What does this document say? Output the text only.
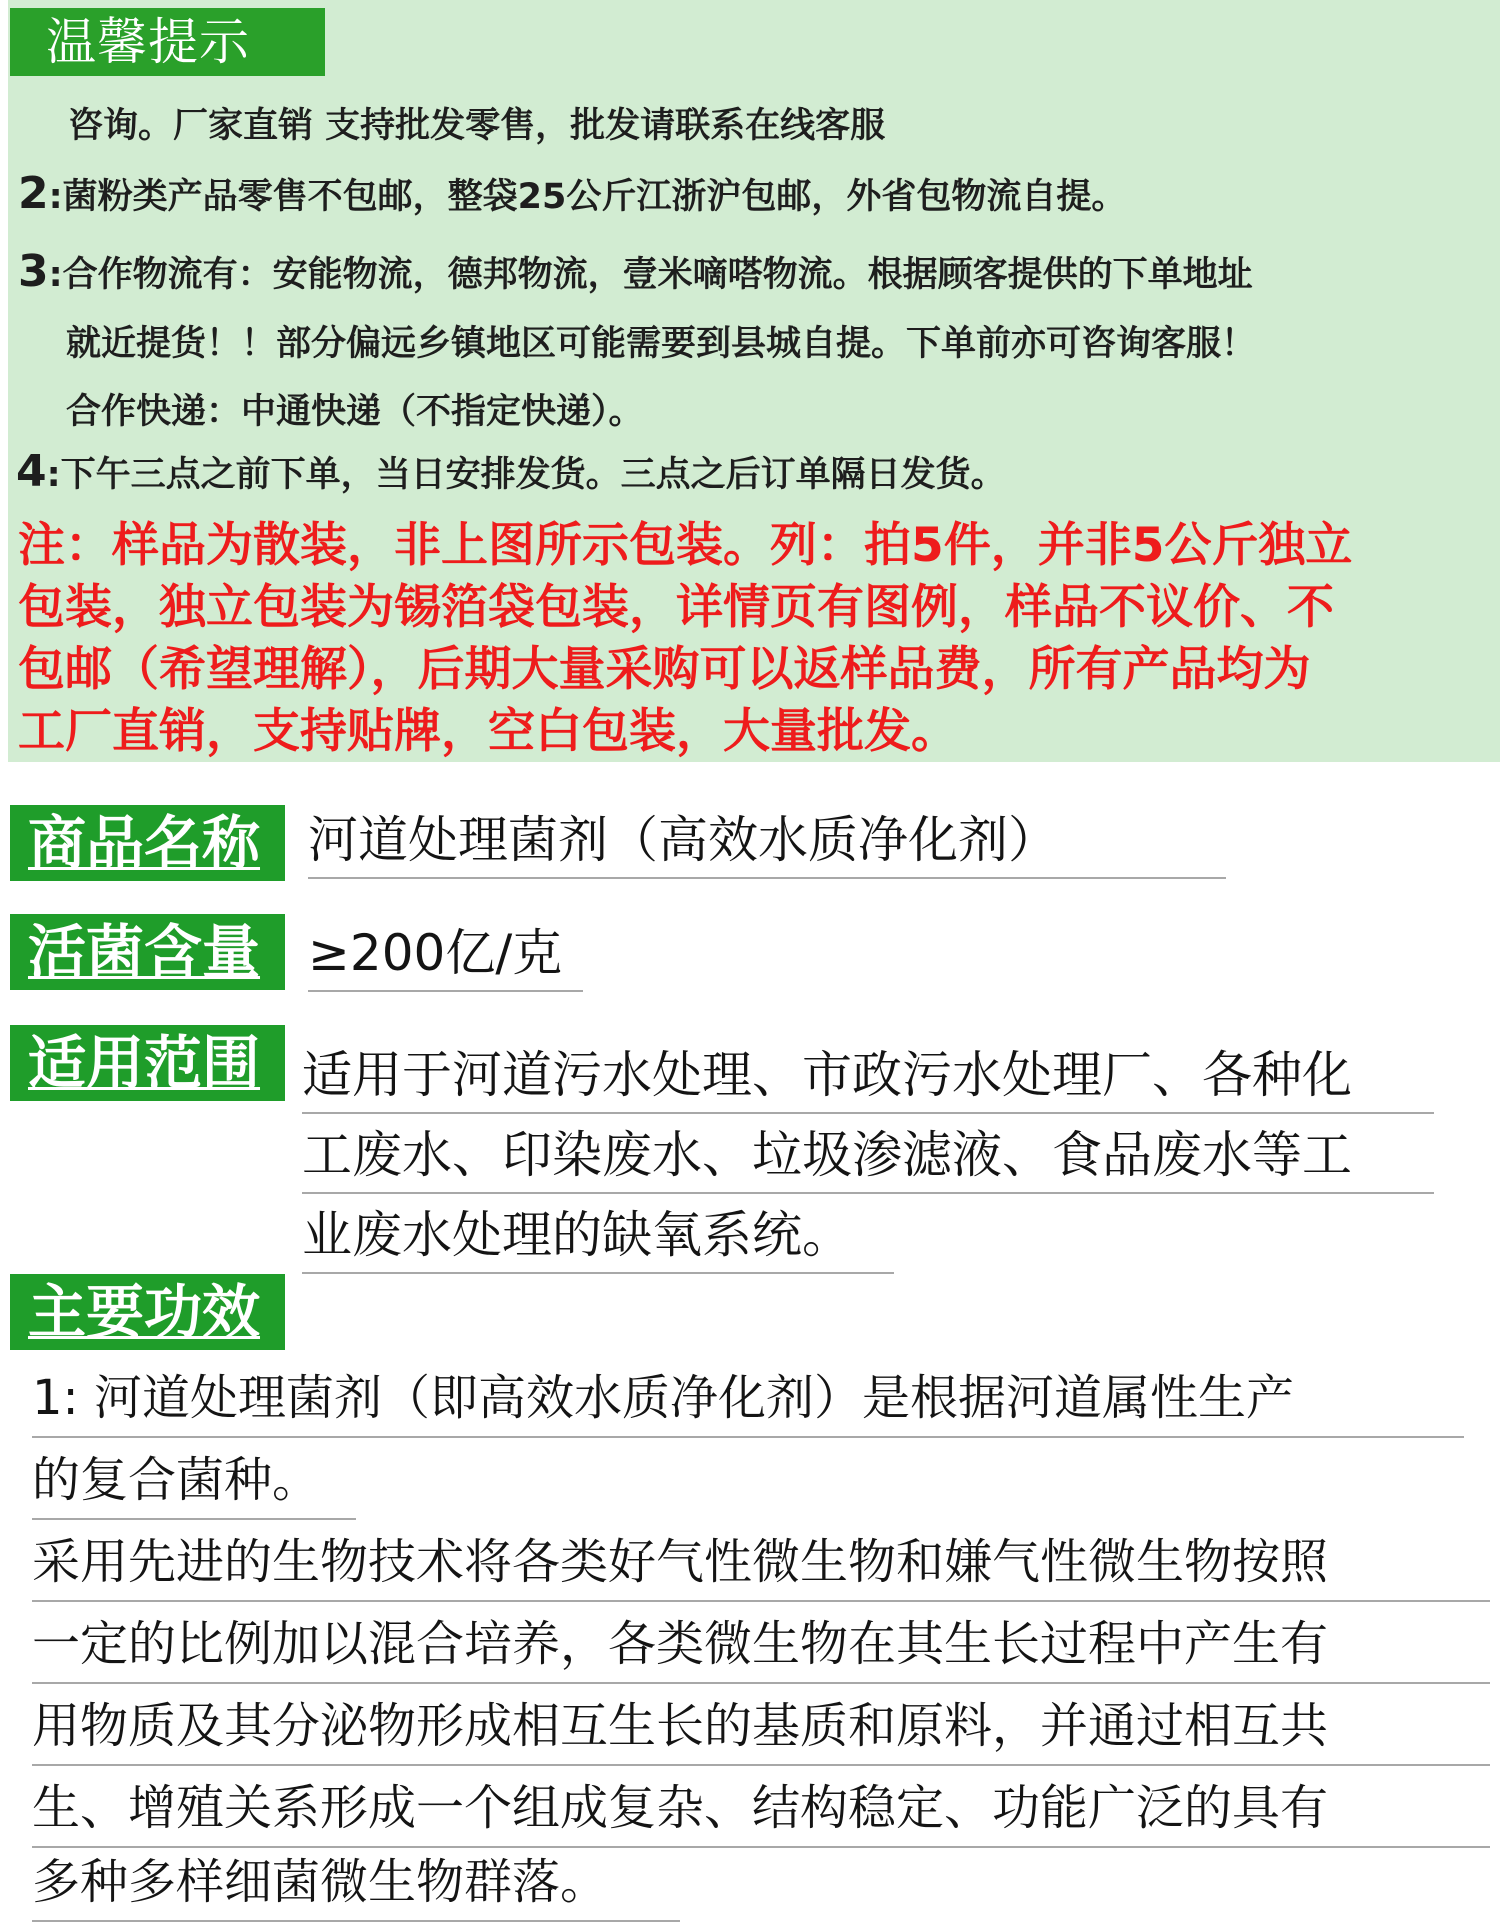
温馨提示
咨询。厂家直销 支持批发零售，批发请联系在线客服
2:菌粉类产品零售不包邮，整袋25公斤江浙沪包邮，外省包物流自提。
3:合作物流有：安能物流，德邦物流，壹米嘀嗒物流。根据顾客提供的下单地址
就近提货！！部分偏远乡镇地区可能需要到县城自提。下单前亦可咨询客服！
合作快递：中通快递（不指定快递）。
4:下午三点之前下单，当日安排发货。三点之后订单隔日发货。
注：样品为散装，非上图所示包装。列：拍5件，并非5公斤独立
包装，独立包装为锡箔袋包装，详情页有图例，样品不议价、不
包邮（希望理解），后期大量采购可以返样品费，所有产品均为
工厂直销，支持贴牌，空白包装，大量批发。
商品名称 河道处理菌剂（高效水质净化剂）
活菌含量 ≥200亿/克
适用范围 适用于河道污水处理、市政污水处理厂、各种化
工废水、印染废水、垃圾渗滤液、食品废水等工
业废水处理的缺氧系统。
主要功效
1: 河道处理菌剂（即高效水质净化剂）是根据河道属性生产
的复合菌种。
采用先进的生物技术将各类好气性微生物和嫌气性微生物按照
一定的比例加以混合培养，各类微生物在其生长过程中产生有
用物质及其分泌物形成相互生长的基质和原料，并通过相互共
生、增殖关系形成一个组成复杂、结构稳定、功能广泛的具有
多种多样细菌微生物群落。
